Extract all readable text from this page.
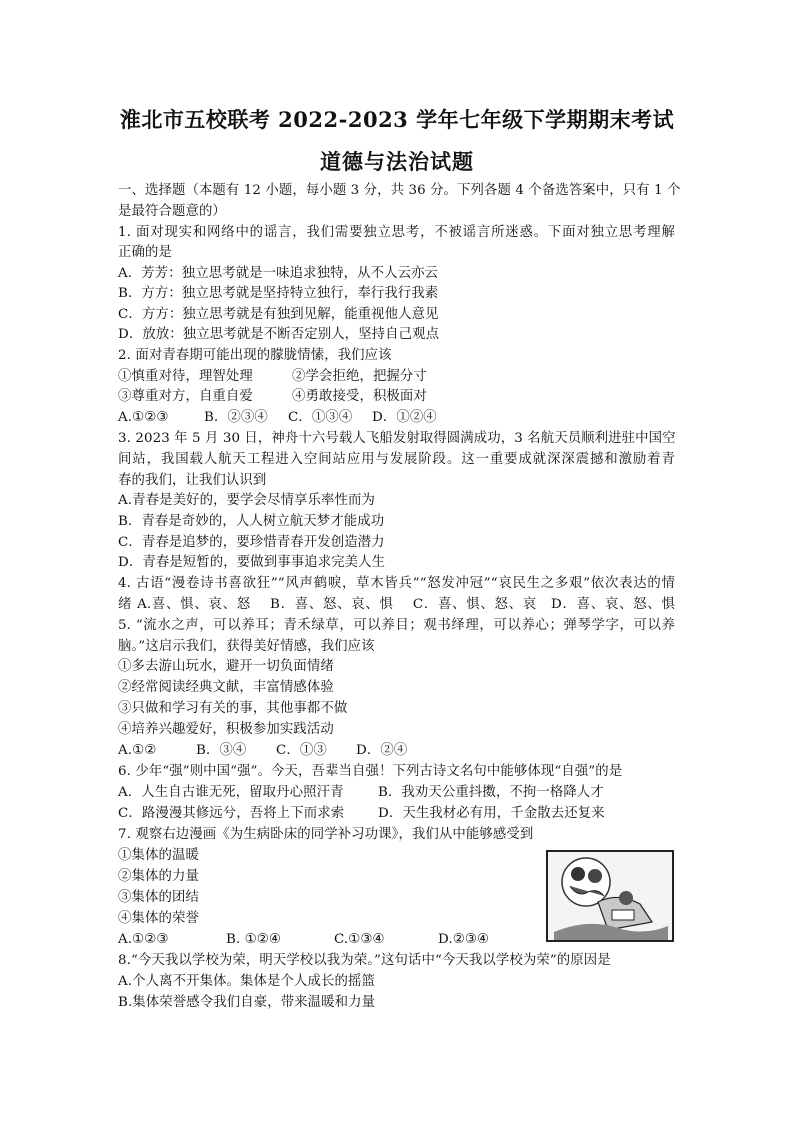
淮北市五校联考 2022-2023 学年七年级下学期期末考试
道德与法治试题
一、选择题（本题有 12 小题，每小题 3 分，共 36 分。下列各题 4 个备选答案中，只有 1 个
是最符合题意的）
1. 面对现实和网络中的谣言，我们需要独立思考，不被谣言所迷惑。下面对独立思考理解
正确的是
A．芳芳：独立思考就是一味追求独特，从不人云亦云
B．方方：独立思考就是坚持特立独行，奉行我行我素
C．方方：独立思考就是有独到见解，能重视他人意见
D．放放：独立思考就是不断否定别人，坚持自己观点
2. 面对青春期可能出现的朦胧情愫，我们应该
①慎重对待，理智处理	②学会拒绝，把握分寸
③尊重对方，自重自爱	④勇敢接受，积极面对
A.①②③	B．②③④ C．①③④ D．①②④
3. 2023 年 5 月 30 日，神舟十六号载人飞船发射取得圆满成功，3 名航天员顺利进驻中国空
间站，我国载人航天工程进入空间站应用与发展阶段。这一重要成就深深震撼和激励着青
春的我们，让我们认识到
A.青春是美好的，要学会尽情享乐率性而为
B．青春是奇妙的，人人树立航天梦才能成功
C．青春是追梦的，要珍惜青春开发创造潜力
D．青春是短暂的，要做到事事追求完美人生
4. 古语“漫卷诗书喜欲狂”“风声鹤唳，草木皆兵”“怒发冲冠”“哀民生之多艰”依次表达的情
绪 A.喜、惧、哀、怒　 B．喜、怒、哀、惧　 C．喜、惧、怒、哀　D．喜、哀、怒、惧
5. “流水之声，可以养耳；青禾绿草，可以养目；观书绎理，可以养心；弹琴学字，可以养
脑。”这启示我们，获得美好情感，我们应该
①多去游山玩水，避开一切负面情绪
②经常阅读经典文献，丰富情感体验
③只做和学习有关的事，其他事都不做
④培养兴趣爱好，积极参加实践活动
A.①②	B．③④ C．①③ D．②④
6. 少年“强”则中国“强”。今天，吾辈当自强！下列古诗文名句中能够体现“自强”的是
A．人生自古谁无死，留取丹心照汗青	B．我劝天公重抖擞，不拘一格降人才
C．路漫漫其修远兮，吾将上下而求索	D．天生我材必有用，千金散去还复来
7. 观察右边漫画《为生病卧床的同学补习功课》，我们从中能够感受到
①集体的温暖
②集体的力量
③集体的团结
④集体的荣誉
A.①②③	B. ①②④	C.①③④	D.②③④
8.“今天我以学校为荣，明天学校以我为荣。”这句话中“今天我以学校为荣”的原因是
A.个人离不开集体。集体是个人成长的摇篮
B.集体荣誉感令我们自豪，带来温暖和力量
